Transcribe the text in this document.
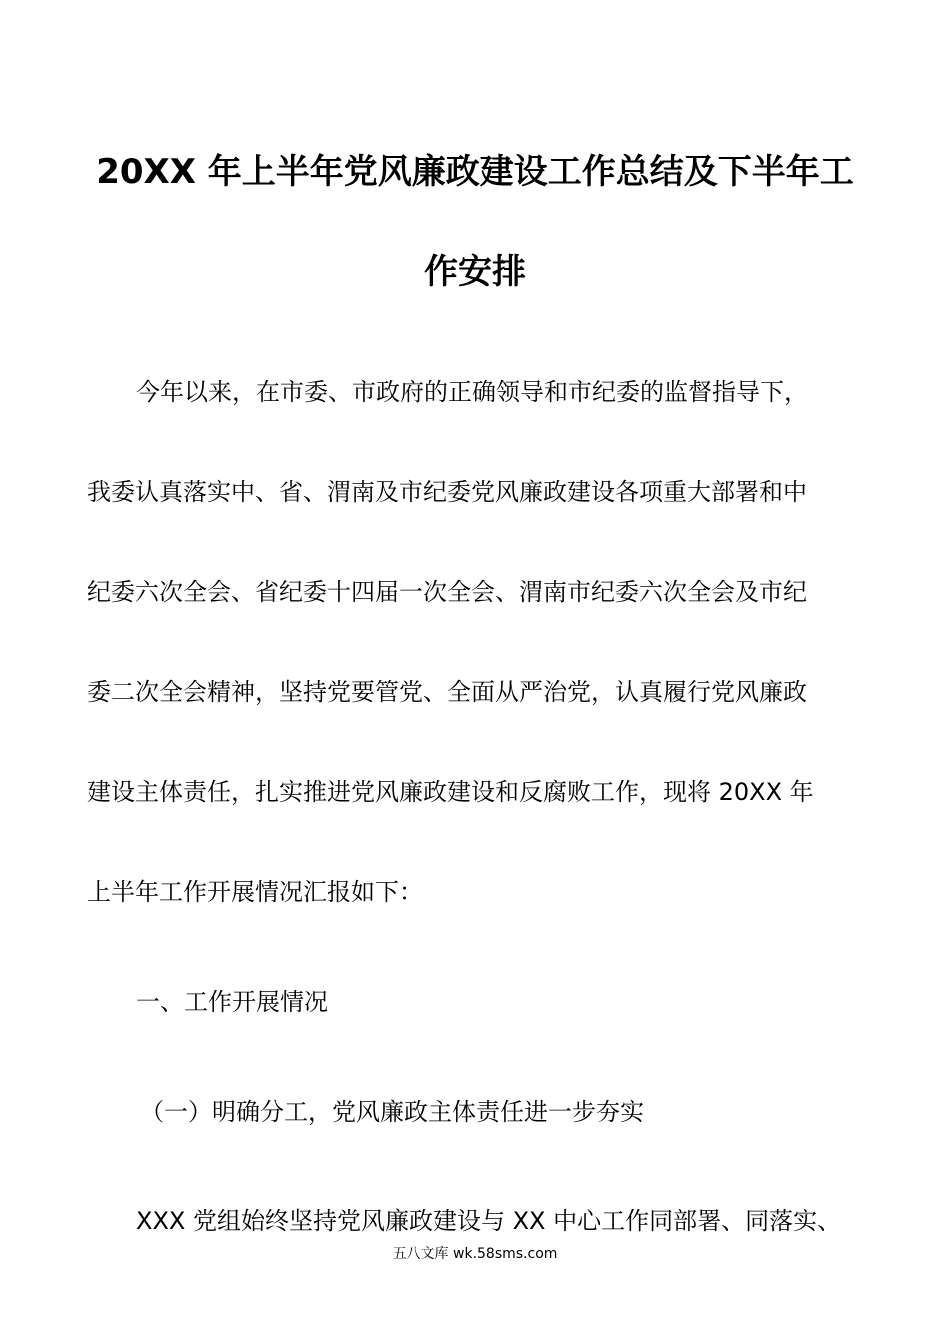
20XX 年上半年党风廉政建设工作总结及下半年工
作安排
今年以来，在市委、市政府的正确领导和市纪委的监督指导下，
我委认真落实中、省、渭南及市纪委党风廉政建设各项重大部署和中
纪委六次全会、省纪委十四届一次全会、渭南市纪委六次全会及市纪
委二次全会精神，坚持党要管党、全面从严治党，认真履行党风廉政
建设主体责任，扎实推进党风廉政建设和反腐败工作，现将 20XX 年
上半年工作开展情况汇报如下：
一、工作开展情况
（一）明确分工，党风廉政主体责任进一步夯实
XXX 党组始终坚持党风廉政建设与 XX 中心工作同部署、同落实、
五八文库 wk.58sms.com
